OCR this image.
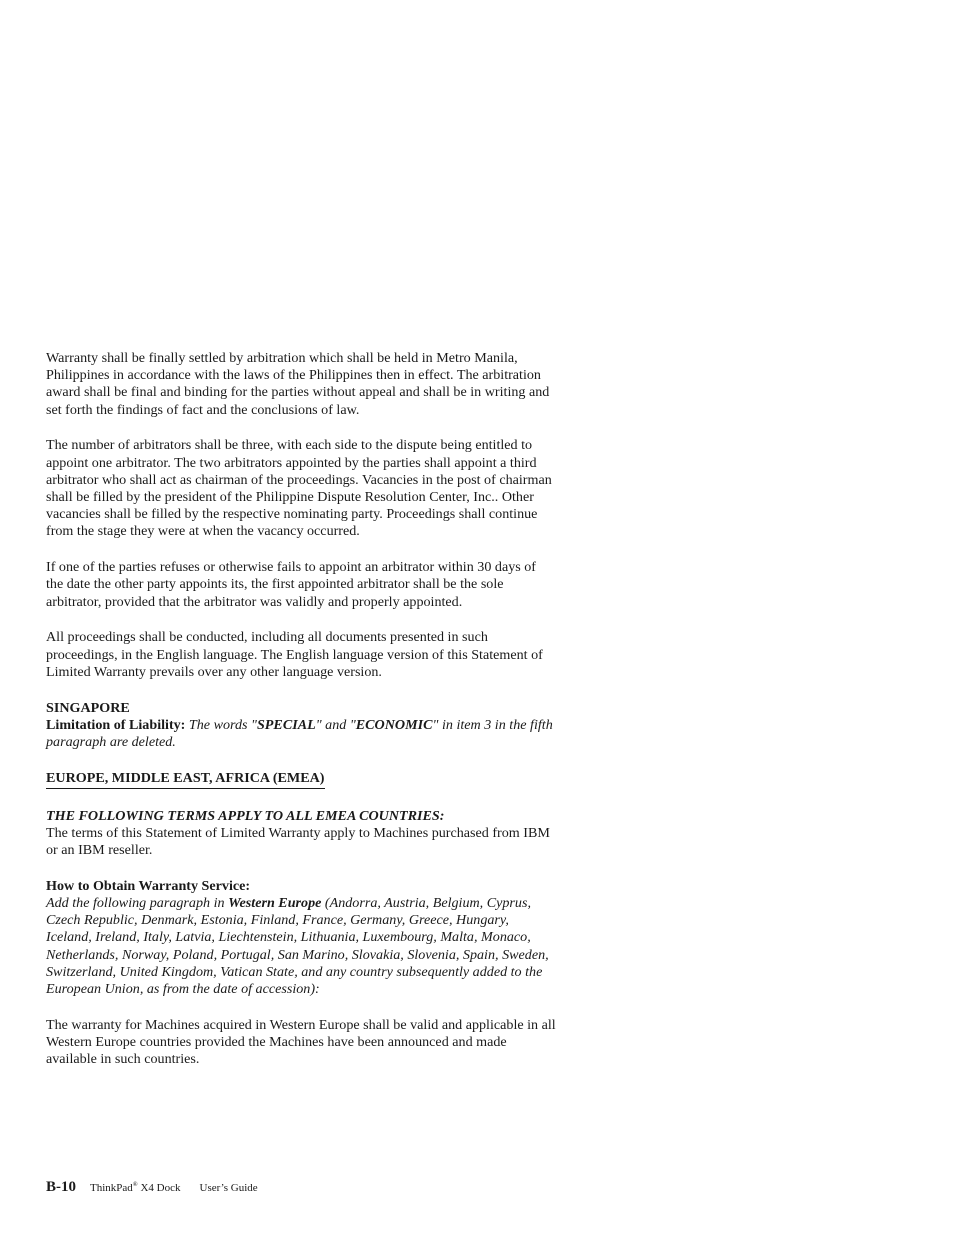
Warranty shall be finally settled by arbitration which shall be held in Metro Manila, Philippines in accordance with the laws of the Philippines then in effect. The arbitration award shall be final and binding for the parties without appeal and shall be in writing and set forth the findings of fact and the conclusions of law.

The number of arbitrators shall be three, with each side to the dispute being entitled to appoint one arbitrator. The two arbitrators appointed by the parties shall appoint a third arbitrator who shall act as chairman of the proceedings. Vacancies in the post of chairman shall be filled by the president of the Philippine Dispute Resolution Center, Inc.. Other vacancies shall be filled by the respective nominating party. Proceedings shall continue from the stage they were at when the vacancy occurred.

If one of the parties refuses or otherwise fails to appoint an arbitrator within 30 days of the date the other party appoints its, the first appointed arbitrator shall be the sole arbitrator, provided that the arbitrator was validly and properly appointed.

All proceedings shall be conducted, including all documents presented in such proceedings, in the English language. The English language version of this Statement of Limited Warranty prevails over any other language version.

SINGAPORE
Limitation of Liability: The words "SPECIAL" and "ECONOMIC" in item 3 in the fifth paragraph are deleted.
EUROPE, MIDDLE EAST, AFRICA (EMEA)
THE FOLLOWING TERMS APPLY TO ALL EMEA COUNTRIES:
The terms of this Statement of Limited Warranty apply to Machines purchased from IBM or an IBM reseller.
How to Obtain Warranty Service:
Add the following paragraph in Western Europe (Andorra, Austria, Belgium, Cyprus, Czech Republic, Denmark, Estonia, Finland, France, Germany, Greece, Hungary, Iceland, Ireland, Italy, Latvia, Liechtenstein, Lithuania, Luxembourg, Malta, Monaco, Netherlands, Norway, Poland, Portugal, San Marino, Slovakia, Slovenia, Spain, Sweden, Switzerland, United Kingdom, Vatican State, and any country subsequently added to the European Union, as from the date of accession):

The warranty for Machines acquired in Western Europe shall be valid and applicable in all Western Europe countries provided the Machines have been announced and made available in such countries.

B-10 ThinkPad® X4 Dock User’s Guide
